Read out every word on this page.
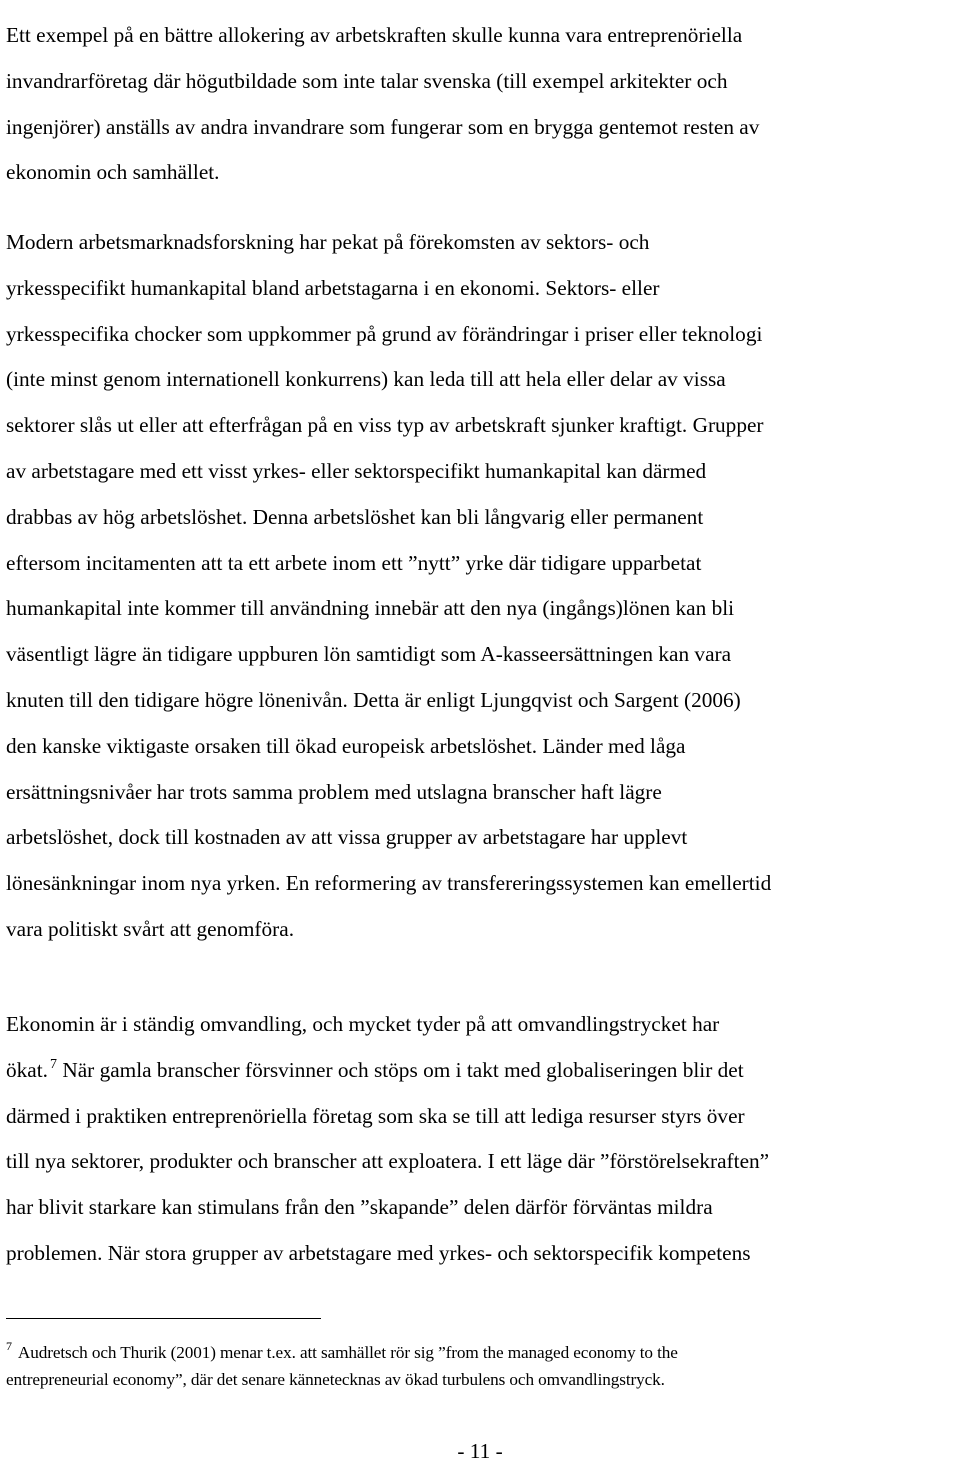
Ett exempel på en bättre allokering av arbetskraften skulle kunna vara entreprenöriella
invandrarföretag där högutbildade som inte talar svenska (till exempel arkitekter och
ingenjörer) anställs av andra invandrare som fungerar som en brygga gentemot resten av
ekonomin och samhället.
Modern arbetsmarknadsforskning har pekat på förekomsten av sektors- och
yrkesspecifikt humankapital bland arbetstagarna i en ekonomi. Sektors- eller
yrkesspecifika chocker som uppkommer på grund av förändringar i priser eller teknologi
(inte minst genom internationell konkurrens) kan leda till att hela eller delar av vissa
sektorer slås ut eller att efterfrågan på en viss typ av arbetskraft sjunker kraftigt. Grupper
av arbetstagare med ett visst yrkes- eller sektorspecifikt humankapital kan därmed
drabbas av hög arbetslöshet. Denna arbetslöshet kan bli långvarig eller permanent
eftersom incitamenten att ta ett arbete inom ett ”nytt” yrke där tidigare upparbetat
humankapital inte kommer till användning innebär att den nya (ingångs)lönen kan bli
väsentligt lägre än tidigare uppburen lön samtidigt som A-kasseersättningen kan vara
knuten till den tidigare högre lönenivån. Detta är enligt Ljungqvist och Sargent (2006)
den kanske viktigaste orsaken till ökad europeisk arbetslöshet. Länder med låga
ersättningsnivåer har trots samma problem med utslagna branscher haft lägre
arbetslöshet, dock till kostnaden av att vissa grupper av arbetstagare har upplevt
lönesänkningar inom nya yrken. En reformering av transfereringssystemen kan emellertid
vara politiskt svårt att genomföra.
Ekonomin är i ständig omvandling, och mycket tyder på att omvandlingstrycket har
ökat. $^7$ När gamla branscher försvinner och stöps om i takt med globaliseringen blir det
därmed i praktiken entreprenöriella företag som ska se till att lediga resurser styrs över
till nya sektorer, produkter och branscher att exploatera. I ett läge där ”förstörelsekraften”
har blivit starkare kan stimulans från den ”skapande” delen därför förväntas mildra
problemen. När stora grupper av arbetstagare med yrkes- och sektorspecifik kompetens
$^7$ Audretsch och Thurik (2001) menar t.ex. att samhället rör sig ”from the managed economy to the
entrepreneurial economy”, där det senare kännetecknas av ökad turbulens och omvandlingstryck.
- 11 -
